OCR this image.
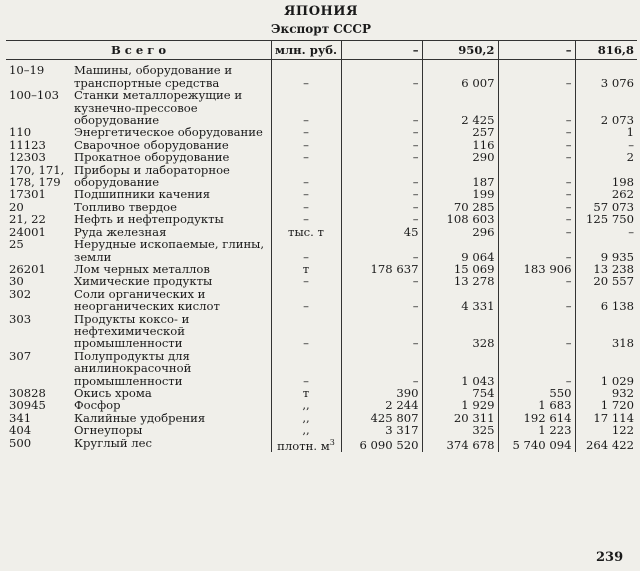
ЯПОНИЯ
Экспорт СССР
	Всего	млн. руб.	–	950,2	–	816,8
10–19	Машины, оборудование и транспортные средства	–	–	6 007	–	3 076
100–103	Станки металлорежущие и кузнечно-прессовое оборудование	–	–	2 425	–	2 073
110	Энергетическое оборудование	–	–	257	–	1
11123	Сварочное оборудование	–	–	116	–	–
12303	Прокатное оборудование	–	–	290	–	2
170, 171, 178, 179	Приборы и лабораторное оборудование	–	–	187	–	198
17301	Подшипники качения	–	–	199	–	262
20	Топливо твердое	–	–	70 285	–	57 073
21, 22	Нефть и нефтепродукты	–	–	108 603	–	125 750
24001	Руда железная	тыс. т	45	296	–	–
25	Нерудные ископаемые, глины, земли	–	–	9 064	–	9 935
26201	Лом черных металлов	т	178 637	15 069	183 906	13 238
30	Химические продукты	–	–	13 278	–	20 557
302	Соли органических и неорганических кислот	–	–	4 331	–	6 138
303	Продукты коксо- и нефтехимической промышленности	–	–	328	–	318
307	Полупродукты для анилинокрасочной промышленности	–	–	1 043	–	1 029
30828	Окись хрома	т	390	754	550	932
30945	Фосфор	,,	2 244	1 929	1 683	1 720
341	Калийные удобрения	,,	425 807	20 311	192 614	17 114
404	Огнеупоры	,,	3 317	325	1 223	122
500	Круглый лес	плотн. $м^3$	6 090 520	374 678	5 740 094	264 422
239
